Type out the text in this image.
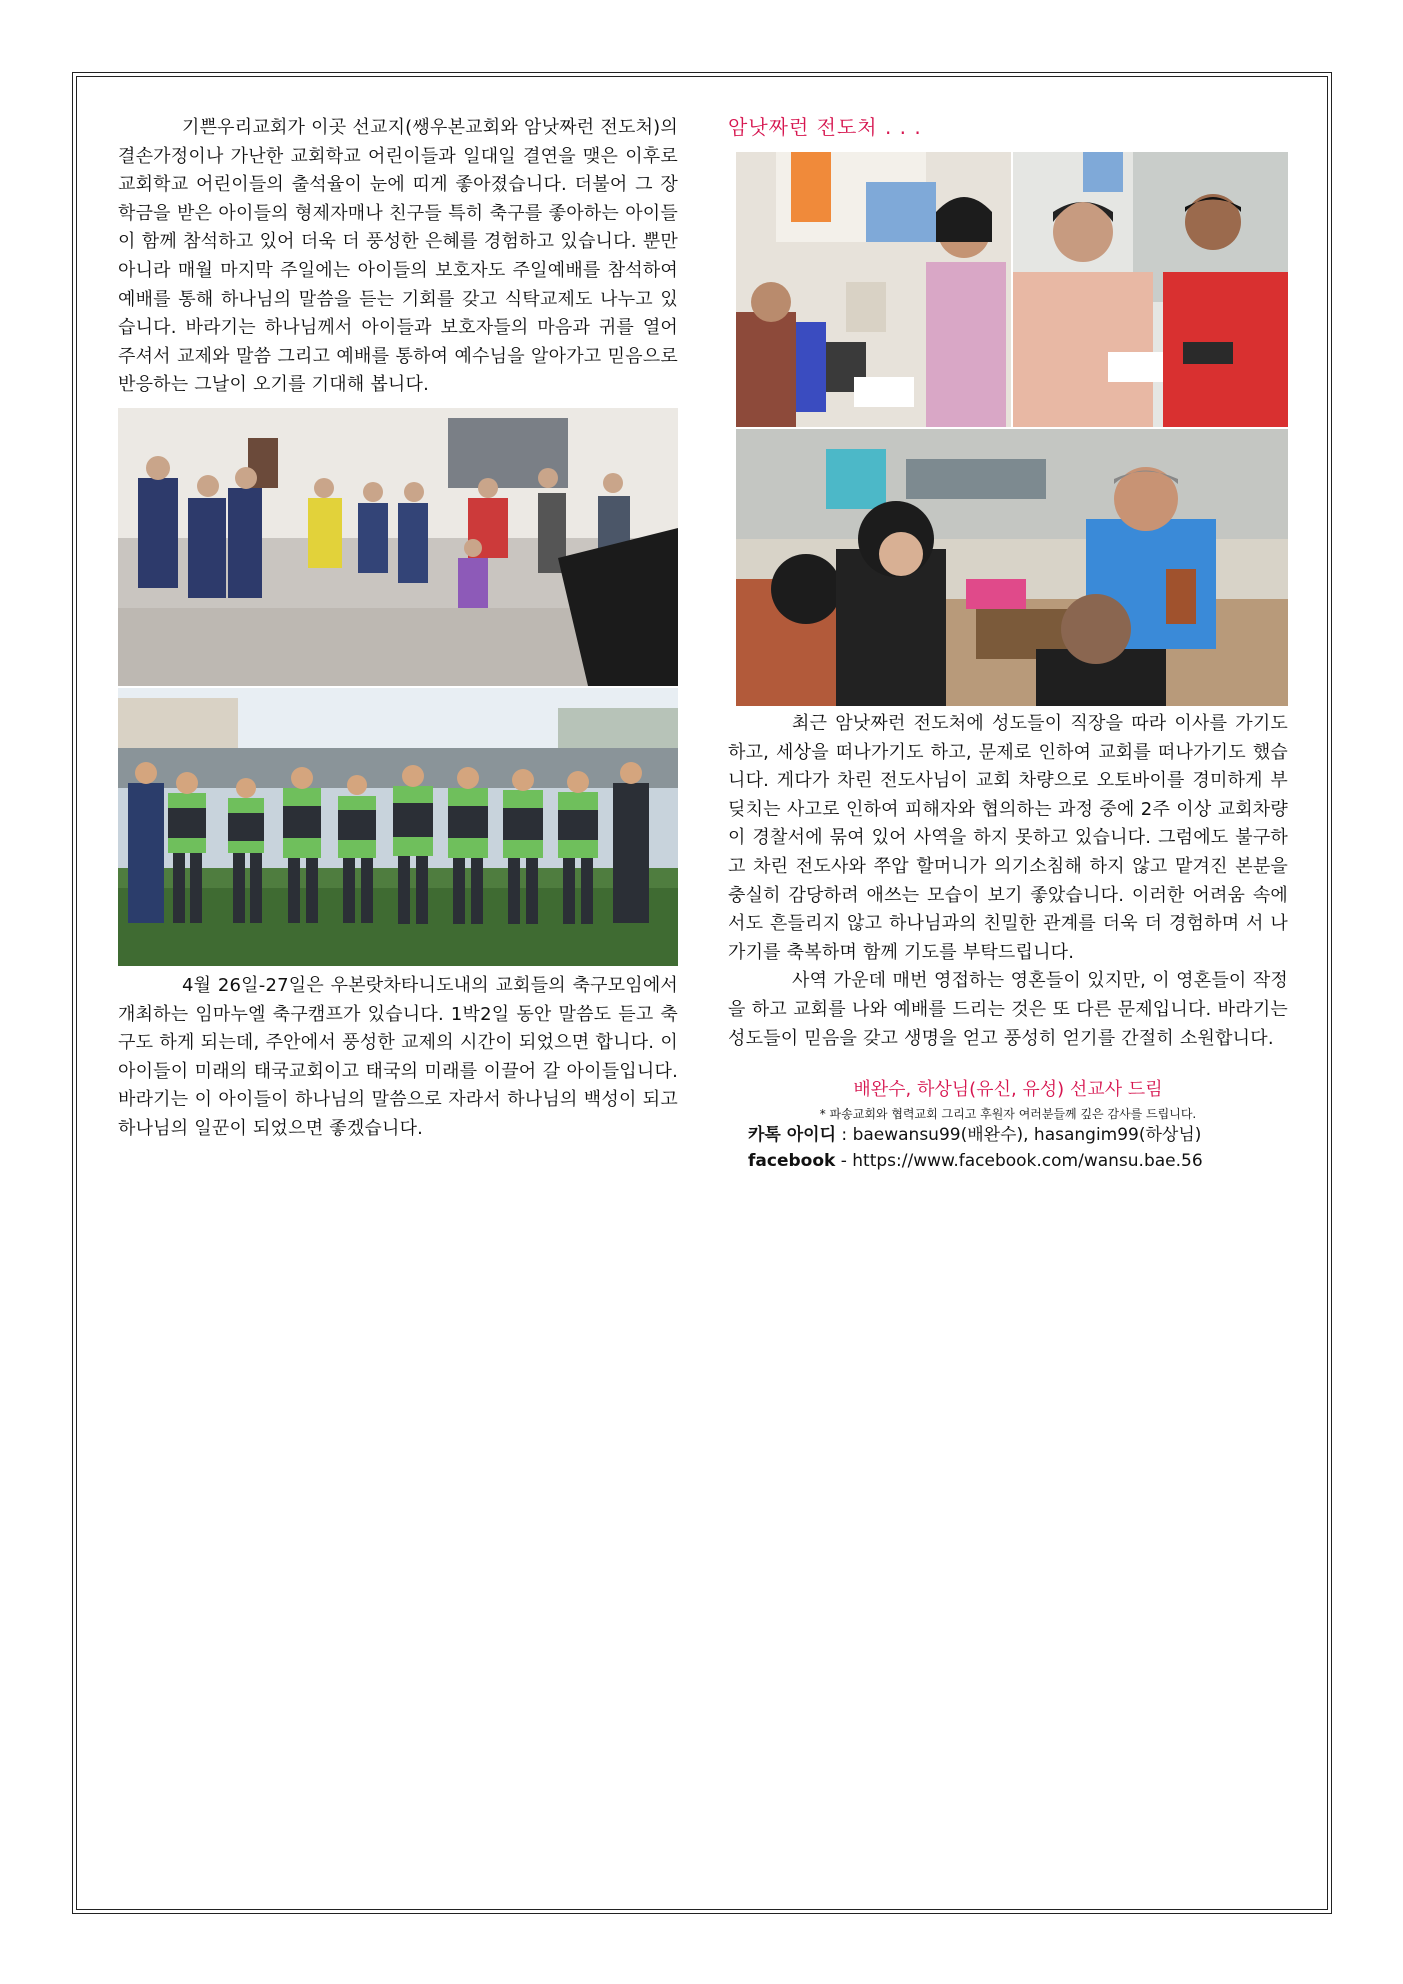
기쁜우리교회가 이곳 선교지(쌩우본교회와 암낫짜런 전도처)의 결손가정이나 가난한 교회학교 어린이들과 일대일 결연을 맺은 이후로 교회학교 어린이들의 출석율이 눈에 띠게 좋아졌습니다. 더불어 그 장학금을 받은 아이들의 형제자매나 친구들 특히 축구를 좋아하는 아이들이 함께 참석하고 있어 더욱 더 풍성한 은혜를 경험하고 있습니다. 뿐만 아니라 매월 마지막 주일에는 아이들의 보호자도 주일예배를 참석하여 예배를 통해 하나님의 말씀을 듣는 기회를 갖고 식탁교제도 나누고 있습니다. 바라기는 하나님께서 아이들과 보호자들의 마음과 귀를 열어 주셔서 교제와 말씀 그리고 예배를 통하여 예수님을 알아가고 믿음으로 반응하는 그날이 오기를 기대해 봅니다.

4월 26일-27일은 우본랏차타니도내의 교회들의 축구모임에서 개최하는 임마누엘 축구캠프가 있습니다. 1박2일 동안 말씀도 듣고 축구도 하게 되는데, 주안에서 풍성한 교제의 시간이 되었으면 합니다. 이 아이들이 미래의 태국교회이고 태국의 미래를 이끌어 갈 아이들입니다. 바라기는 이 아이들이 하나님의 말씀으로 자라서 하나님의 백성이 되고 하나님의 일꾼이 되었으면 좋겠습니다.

암낫짜런 전도처 . . .

최근 암낫짜런 전도처에 성도들이 직장을 따라 이사를 가기도 하고, 세상을 떠나가기도 하고, 문제로 인하여 교회를 떠나가기도 했습니다. 게다가 차린 전도사님이 교회 차량으로 오토바이를 경미하게 부딪치는 사고로 인하여 피해자와 협의하는 과정 중에 2주 이상 교회차량이 경찰서에 묶여 있어 사역을 하지 못하고 있습니다. 그럼에도 불구하고 차린 전도사와 쭈압 할머니가 의기소침해 하지 않고 맡겨진 본분을 충실히 감당하려 애쓰는 모습이 보기 좋았습니다. 이러한 어려움 속에서도 흔들리지 않고 하나님과의 친밀한 관계를 더욱 더 경험하며 서 나가기를 축복하며 함께 기도를 부탁드립니다.

사역 가운데 매번 영접하는 영혼들이 있지만, 이 영혼들이 작정을 하고 교회를 나와 예배를 드리는 것은 또 다른 문제입니다. 바라기는 성도들이 믿음을 갖고 생명을 얻고 풍성히 얻기를 간절히 소원합니다.

배완수, 하상님(유신, 유성) 선교사 드림
* 파송교회와 협력교회 그리고 후원자 여러분들께 깊은 감사를 드립니다.
카톡 아이디 : baewansu99(배완수), hasangim99(하상님)
facebook - https://www.facebook.com/wansu.bae.56
